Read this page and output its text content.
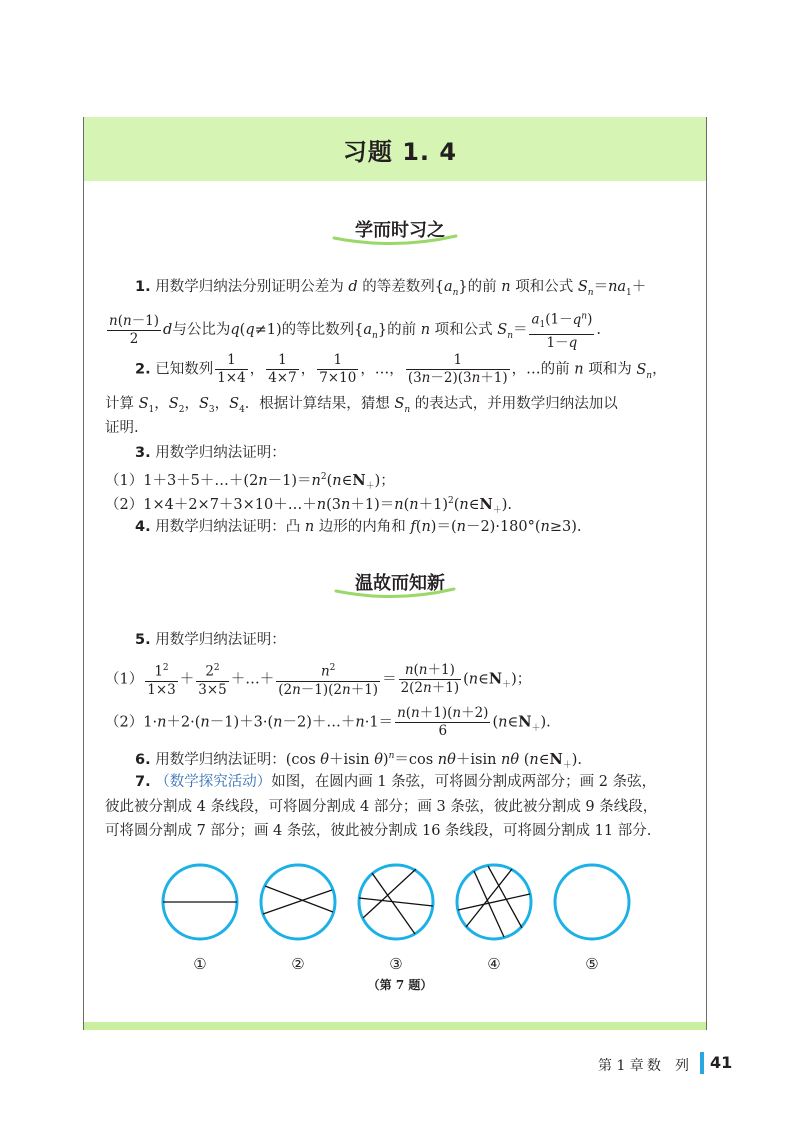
习题 1. 4
学而时习之
1. 用数学归纳法分别证明公差为 d 的等差数列$\{a_n\}$的前 n 项和公式 $S_n=na_1+$
$\frac{n(n-1)}{2}$ d与公比为q(q≠1)的等比数列$\{a_n\}$的前 n 项和公式 $S_n= \frac{a_1(1-q^n)}{1-q}$ .
2. 已知数列 $\frac{1}{1\times 4}$ ， $\frac{1}{4\times 7}$ ， $\frac{1}{7\times 10}$ ，…， $\frac{1}{(3n-2)(3n+1)}$ ，…的前 n 项和为 $S_n$，
计算 $S_1$，$S_2$，$S_3$，$S_4$．根据计算结果，猜想 $S_n$ 的表达式，并用数学归纳法加以
证明.
3. 用数学归纳法证明：
$(1)1+3+5+\dots+(2n-1)=n^2(n\in N_+)$；
$(2)1\times 4+2\times 7+3\times 10+\dots+n(3n+1)=n(n+1)^2(n\in N_+)$.
4. 用数学归纳法证明：凸 n 边形的内角和 f(n)＝(n－2)·180°(n≥3).
温故而知新
5. 用数学归纳法证明：
$(1) \frac{1^2}{1\times 3} + \frac{2^2}{3\times 5}$ ＋…＋ $\frac{n^2}{(2n-1)(2n+1)} = \frac{n(n+1)}{2(2n+1)}$ $(n\in N_+)$；
（2）1·n＋2·(n－1)＋3·(n－2)＋…＋n·1＝ $\frac{n(n+1)(n+2)}{6}$ $(n\in N_+)$.
6. 用数学归纳法证明：(cos θ＋isin θ)$^n$＝cos nθ＋isin nθ $(n\in N_+)$.
7. （数学探究活动）如图，在圆内画 1 条弦，可将圆分割成两部分；画 2 条弦，
彼此被分割成 4 条线段，可将圆分割成 4 部分；画 3 条弦，彼此被分割成 9 条线段，
可将圆分割成 7 部分；画 4 条弦，彼此被分割成 16 条线段，可将圆分割成 11 部分.
①	②	③	④	⑤
（第 7 题）
第 1 章 数　列 41
